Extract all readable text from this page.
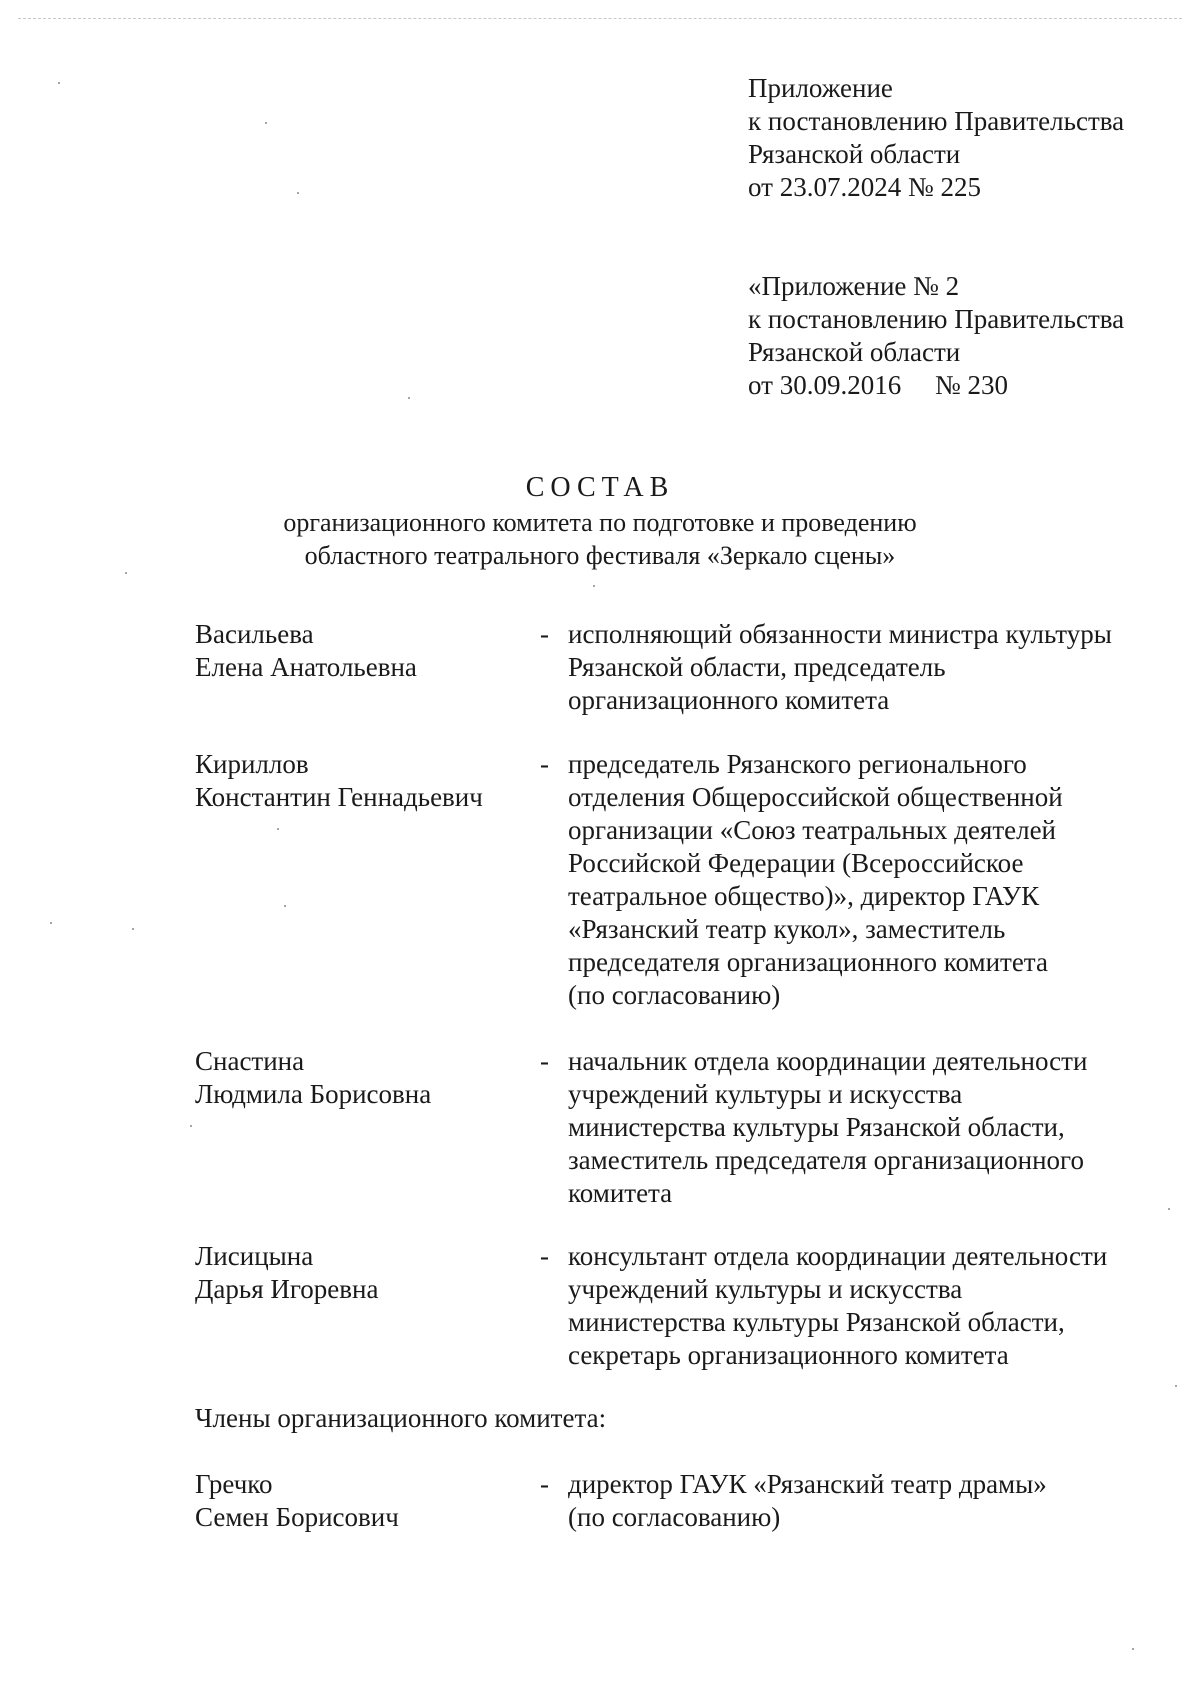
Приложение
к постановлению Правительства
Рязанской области
от 23.07.2024 № 225
«Приложение № 2
к постановлению Правительства
Рязанской области
от 30.09.2016     № 230
СОСТАВ
организационного комитета по подготовке и проведению
областного театрального фестиваля «Зеркало сцены»
Васильева
Елена Анатольевна
- исполняющий обязанности министра культуры
Рязанской области, председатель
организационного комитета
Кириллов
Константин Геннадьевич
- председатель Рязанского регионального
отделения Общероссийской общественной
организации «Союз театральных деятелей
Российской Федерации (Всероссийское
театральное общество)», директор ГАУК
«Рязанский театр кукол», заместитель
председателя организационного комитета
(по согласованию)
Снастина
Людмила Борисовна
- начальник отдела координации деятельности
учреждений культуры и искусства
министерства культуры Рязанской области,
заместитель председателя организационного
комитета
Лисицына
Дарья Игоревна
- консультант отдела координации деятельности
учреждений культуры и искусства
министерства культуры Рязанской области,
секретарь организационного комитета
Члены организационного комитета:
Гречко
Семен Борисович
- директор ГАУК «Рязанский театр драмы»
(по согласованию)
